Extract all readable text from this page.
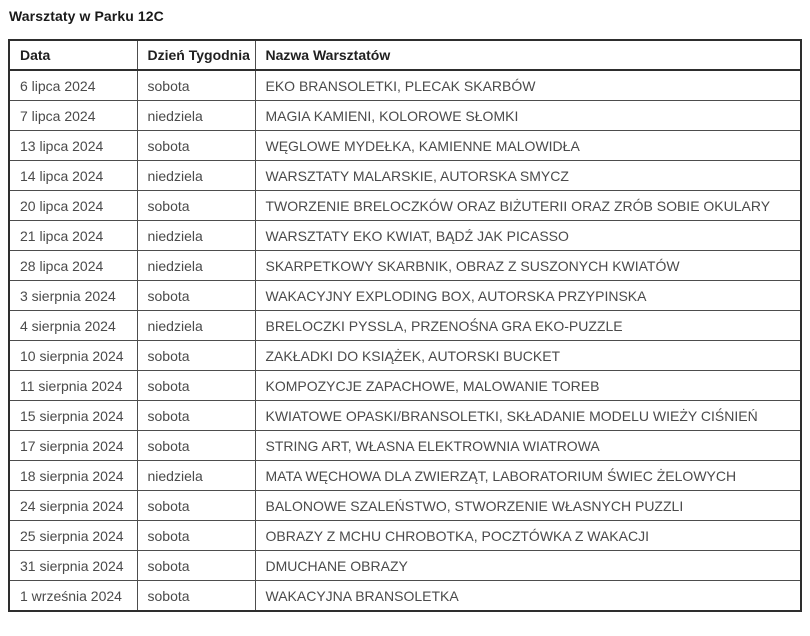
Warsztaty w Parku 12C
Data	Dzień Tygodnia	Nazwa Warsztatów
6 lipca 2024	sobota	EKO BRANSOLETKI, PLECAK SKARBÓW
7 lipca 2024	niedziela	MAGIA KAMIENI, KOLOROWE SŁOMKI
13 lipca 2024	sobota	WĘGLOWE MYDEŁKA, KAMIENNE MALOWIDŁA
14 lipca 2024	niedziela	WARSZTATY MALARSKIE, AUTORSKA SMYCZ
20 lipca 2024	sobota	TWORZENIE BRELOCZKÓW ORAZ BIŻUTERII ORAZ ZRÓB SOBIE OKULARY
21 lipca 2024	niedziela	WARSZTATY EKO KWIAT, BĄDŹ JAK PICASSO
28 lipca 2024	niedziela	SKARPETKOWY SKARBNIK, OBRAZ Z SUSZONYCH KWIATÓW
3 sierpnia 2024	sobota	WAKACYJNY EXPLODING BOX, AUTORSKA PRZYPINSKA
4 sierpnia 2024	niedziela	BRELOCZKI PYSSLA, PRZENOŚNA GRA EKO-PUZZLE
10 sierpnia 2024	sobota	ZAKŁADKI DO KSIĄŻEK, AUTORSKI BUCKET
11 sierpnia 2024	sobota	KOMPOZYCJE ZAPACHOWE, MALOWANIE TOREB
15 sierpnia 2024	sobota	KWIATOWE OPASKI/BRANSOLETKI, SKŁADANIE MODELU WIEŻY CIŚNIEŃ
17 sierpnia 2024	sobota	STRING ART, WŁASNA ELEKTROWNIA WIATROWA
18 sierpnia 2024	niedziela	MATA WĘCHOWA DLA ZWIERZĄT, LABORATORIUM ŚWIEC ŻELOWYCH
24 sierpnia 2024	sobota	BALONOWE SZALEŃSTWO, STWORZENIE WŁASNYCH PUZZLI
25 sierpnia 2024	sobota	OBRAZY Z MCHU CHROBOTKA, POCZTÓWKA Z WAKACJI
31 sierpnia 2024	sobota	DMUCHANE OBRAZY
1 września 2024	sobota	WAKACYJNA BRANSOLETKA
